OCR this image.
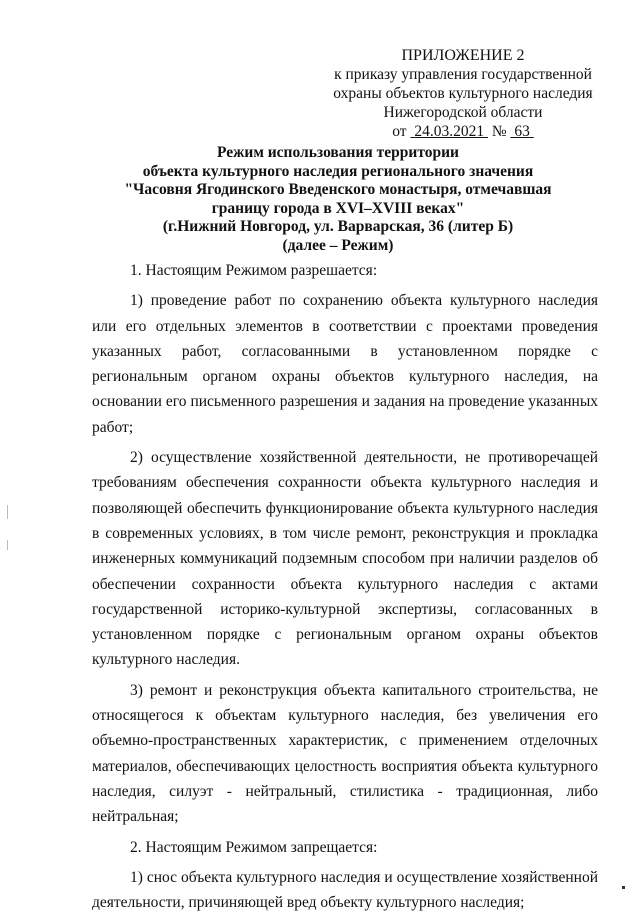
ПРИЛОЖЕНИЕ 2
к приказу управления государственной
охраны объектов культурного наследия
Нижегородской области
от 24.03.2021 № 63
Режим использования территории
объекта культурного наследия регионального значения
"Часовня Ягодинского Введенского монастыря, отмечавшая
границу города в XVI–XVIII веках"
(г.Нижний Новгород, ул. Варварская, 36 (литер Б)
(далее – Режим)

1. Настоящим Режимом разрешается:

1) проведение работ по сохранению объекта культурного наследия или его отдельных элементов в соответствии с проектами проведения указанных работ, согласованными в установленном порядке с региональным органом охраны объектов культурного наследия, на основании его письменного разрешения и задания на проведение указанных работ;

2) осуществление хозяйственной деятельности, не противоречащей требованиям обеспечения сохранности объекта культурного наследия и позволяющей обеспечить функционирование объекта культурного наследия в современных условиях, в том числе ремонт, реконструкция и прокладка инженерных коммуникаций подземным способом при наличии разделов об обеспечении сохранности объекта культурного наследия с актами государственной историко-культурной экспертизы, согласованных в установленном порядке с региональным органом охраны объектов культурного наследия.

3) ремонт и реконструкция объекта капитального строительства, не относящегося к объектам культурного наследия, без увеличения его объемно-пространственных характеристик, с применением отделочных материалов, обеспечивающих целостность восприятия объекта культурного наследия, силуэт - нейтральный, стилистика - традиционная, либо нейтральная;

2. Настоящим Режимом запрещается:

1) снос объекта культурного наследия и осуществление хозяйственной деятельности, причиняющей вред объекту культурного наследия;
